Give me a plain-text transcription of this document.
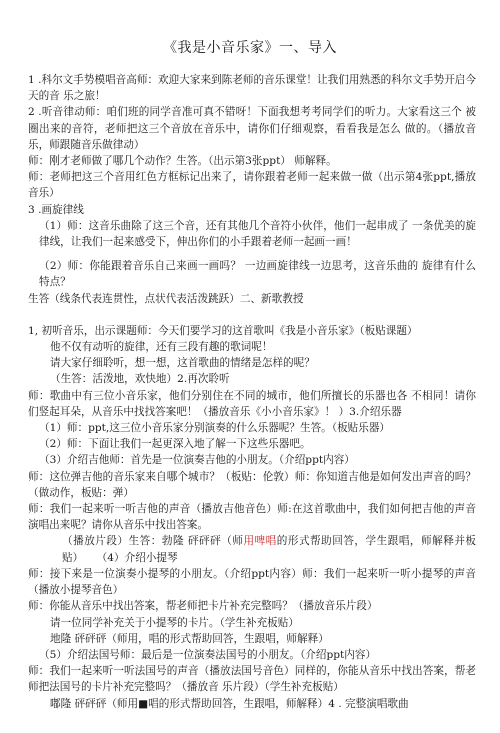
《我是小音乐家》一、导入

1 .科尔文手势模唱音高师：欢迎大家来到陈老师的音乐课堂！让我们用熟悉的科尔文手势开启今天的音 乐之旅！

2 .听音律动师：咱们班的同学音准可真不错呀！下面我想考考同学们的听力。大家看这三个 被圈出来的音符，老师把这三个音放在音乐中，请你们仔细观察，看看我是怎么 做的。（播放音乐，师跟随音乐做律动）

师：刚才老师做了哪几个动作？生答。（出示第3张ppt） 师解释。

师：老师把这三个音用红色方框标记出来了，请你跟着老师一起来做一做（出示第4张ppt,播放音乐）

3 .画旋律线

（1）师：这音乐曲除了这三个音，还有其他几个音符小伙伴，他们一起串成了 一条优美的旋律线，让我们一起来感受下，伸出你们的小手跟着老师一起画一画！

（2）师：你能跟着音乐自己来画一画吗？ 一边画旋律线一边思考，这音乐曲的 旋律有什么特点？

生答（线条代表连贯性，点状代表活泼跳跃）二、新歌教授

1, 初听音乐，出示课题师：今天们要学习的这首歌叫《我是小音乐家》（板贴课题）

他不仅有动听的旋律，还有三段有趣的歌词呢！

请大家仔细聆听，想一想，这首歌曲的情绪是怎样的呢？

（生答：活泼地，欢快地）2.再次聆听

师：歌曲中有三位小音乐家，他们分别住在不同的城市，他们所擅长的乐器也各 不相同！请你们竖起耳朵，从音乐中找找答案吧！（播放音乐《小小音乐家》！ ）3.介绍乐器

（1）师：ppt,这三位小音乐家分别演奏的什么乐器呢？生答。（板贴乐器）

（2）师：下面让我们一起更深入地了解一下这些乐器吧。

（3）介绍吉他师：首先是一位演奏吉他的小朋友。（介绍ppt内容）

师：这位弹吉他的音乐家来自哪个城市？（板贴：伦敦）师：你知道吉他是如何发出声音的吗？（做动作，板贴：弹）

师：我们一起来听一听吉他的声音（播放吉他音色）师:在这首歌曲中，我们如何把吉他的声音演唱出来呢？请你从音乐中找出答案。

（播放片段）生答：勃隆 砰砰砰（师用啤唱的形式帮助回答，学生跟唱，师解释并板贴） （4）介绍小提琴

师：接下来是一位演奏小提琴的小朋友。（介绍ppt内容）师：我们一起来听一听小提琴的声音（播放小提琴音色）

师：你能从音乐中找出答案，帮老师把卡片补充完整吗？（播放音乐片段）

请一位同学补充关于小提琴的卡片。（学生补充板贴）

地隆 砰砰砰（师用，唱的形式帮助回答，生跟唱，师解释）

（5）介绍法国号师：最后是一位演奏法国号的小朋友。（介绍ppt内容）

师：我们一起来听一听法国号的声音（播放法国号音色）同样的，你能从音乐中找出答案，帮老师把法国号的卡片补充完整吗？（播放音 乐片段）（学生补充板贴）

嘟隆 砰砰砰（师用■唱的形式帮助回答，生跟唱，师解释）4 . 完整演唱歌曲
